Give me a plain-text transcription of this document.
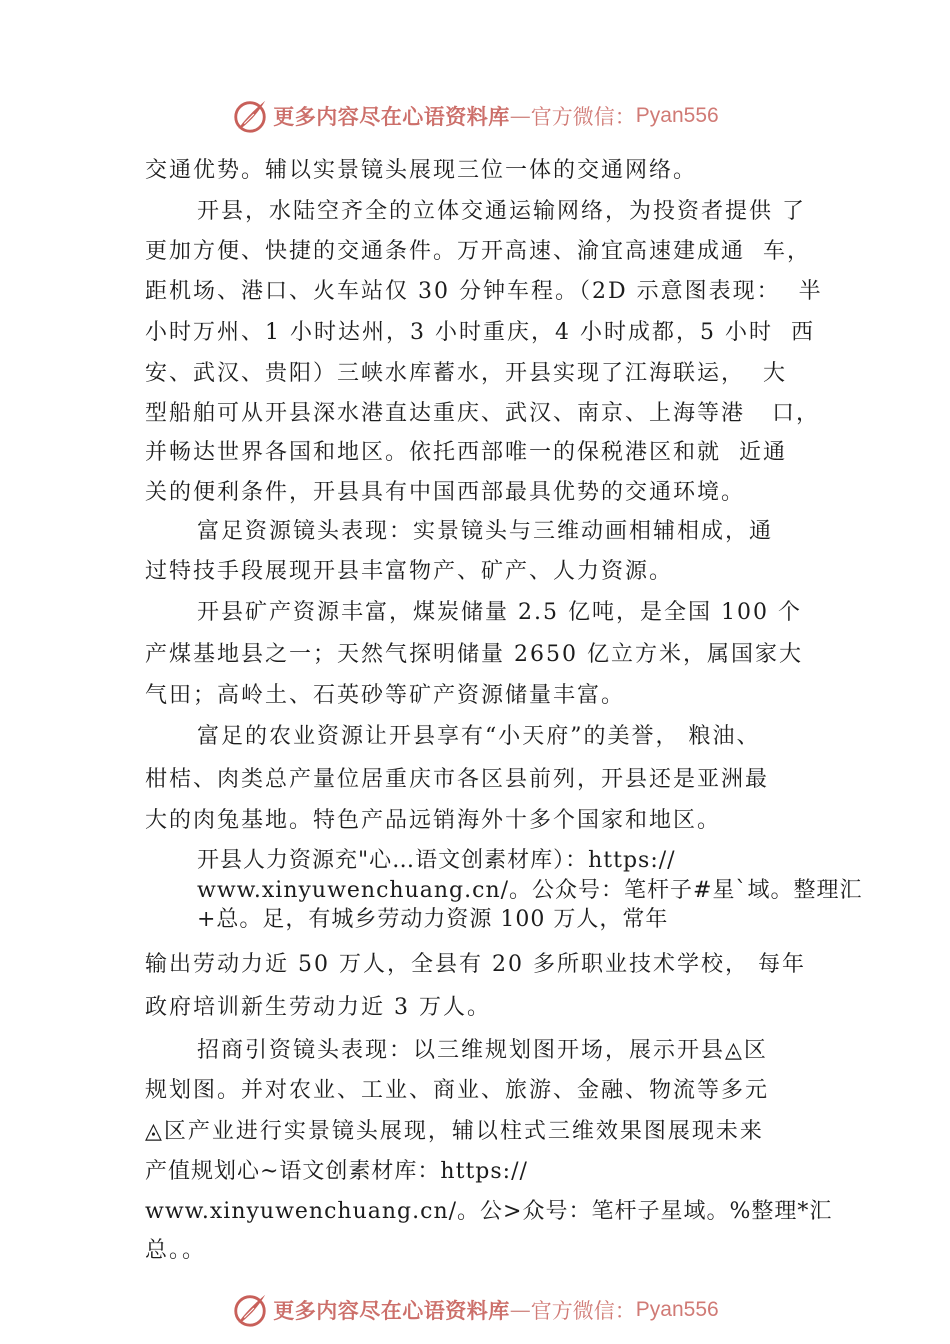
更多内容尽在心语资料库 — 官方微信： Pyan556
交通优势。辅以实景镜头展现三位一体的交通网络。
开县，水陆空齐全的立体交通运输网络，为投资者提供 了
更加方便、快捷的交通条件。万开高速、渝宜高速建成通  车，
距机场、港口、火车站仅 30 分钟车程。（2D 示意图表现：  半
小时万州、1 小时达州，3 小时重庆，4 小时成都，5 小时  西
安、武汉、贵阳）三峡水库蓄水，开县实现了江海联运，  大
型船舶可从开县深水港直达重庆、武汉、南京、上海等港   口，
并畅达世界各国和地区。依托西部唯一的保税港区和就  近通
关的便利条件，开县具有中国西部最具优势的交通环境。
富足资源镜头表现：实景镜头与三维动画相辅相成，通
过特技手段展现开县丰富物产、矿产、人力资源。
开县矿产资源丰富，煤炭储量 2.5 亿吨，是全国 100 个
产煤基地县之一；天然气探明储量 2650 亿立方米，属国家大
气田；高岭土、石英砂等矿产资源储量丰富。
富足的农业资源让开县享有“小天府”的美誉， 粮油、
柑桔、肉类总产量位居重庆市各区县前列，开县还是亚洲最
大的肉兔基地。特色产品远销海外十多个国家和地区。
开县人力资源充"心…语文创素材库）：https://
www.xinyuwenchuang.cn/。公众号：笔杆子#星`域。整理汇
+总。足，有城乡劳动力资源 100 万人，常年
输出劳动力近 50 万人，全县有 20 多所职业技术学校， 每年
政府培训新生劳动力近 3 万人。
招商引资镜头表现：以三维规划图开场，展示开县◬区
规划图。并对农业、工业、商业、旅游、金融、物流等多元
◬区产业进行实景镜头展现，辅以柱式三维效果图展现未来
产值规划心~语文创素材库：https://
www.xinyuwenchuang.cn/。公>众号：笔杆子星域。%整理*汇
总。。
更多内容尽在心语资料库 — 官方微信： Pyan556
